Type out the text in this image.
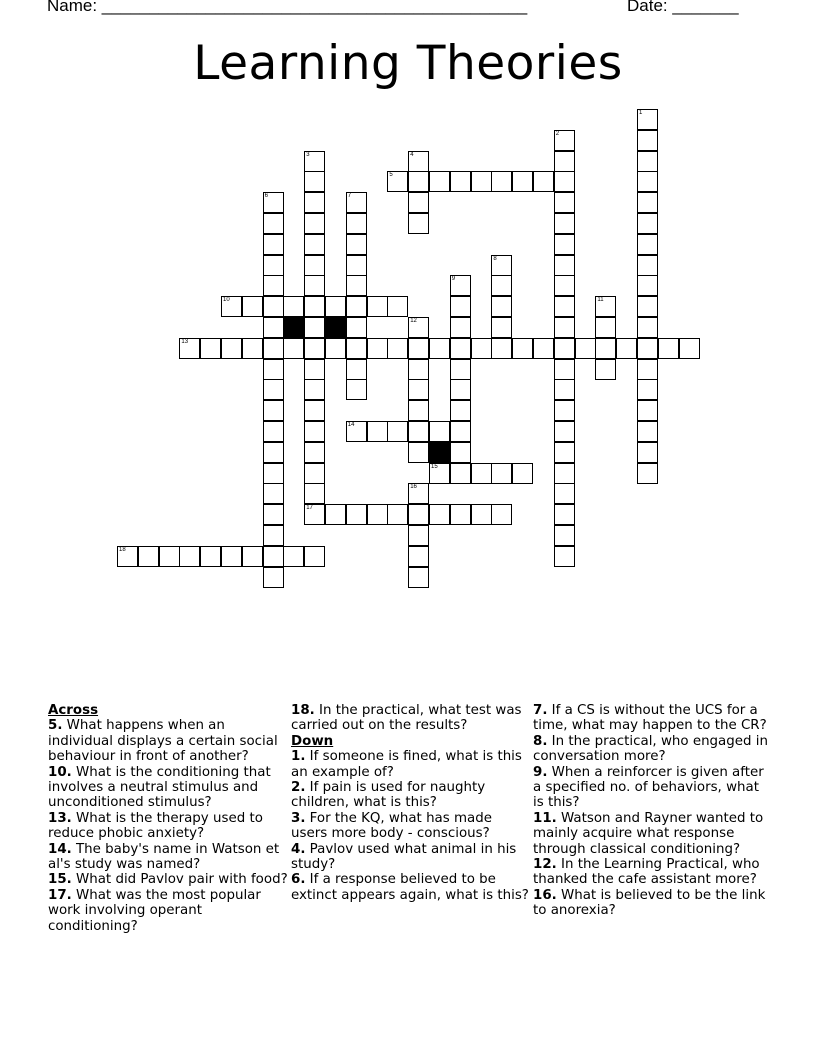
Name: _____________________________________________	Date: _______
Learning Theories
1
2
3
17
4
5
6	7
8
9
10	11
12
13
14
15
16
18

Across

5. What happens when an individual displays a certain social behaviour in front of another?

10. What is the conditioning that involves a neutral stimulus and unconditioned stimulus?

13. What is the therapy used to reduce phobic anxiety?

14. The baby's name in Watson et al's study was named?

15. What did Pavlov pair with food?

17. What was the most popular work involving operant conditioning?

18. In the practical, what test was carried out on the results?

Down

1. If someone is fined, what is this an example of?

2. If pain is used for naughty children, what is this?

3. For the KQ, what has made users more body - conscious?

4. Pavlov used what animal in his study?

6. If a response believed to be extinct appears again, what is this?

7. If a CS is without the UCS for a time, what may happen to the CR?

8. In the practical, who engaged in conversation more?

9. When a reinforcer is given after a specified no. of behaviors, what is this?

11. Watson and Rayner wanted to mainly acquire what response through classical conditioning?

12. In the Learning Practical, who thanked the cafe assistant more?

16. What is believed to be the link to anorexia?
